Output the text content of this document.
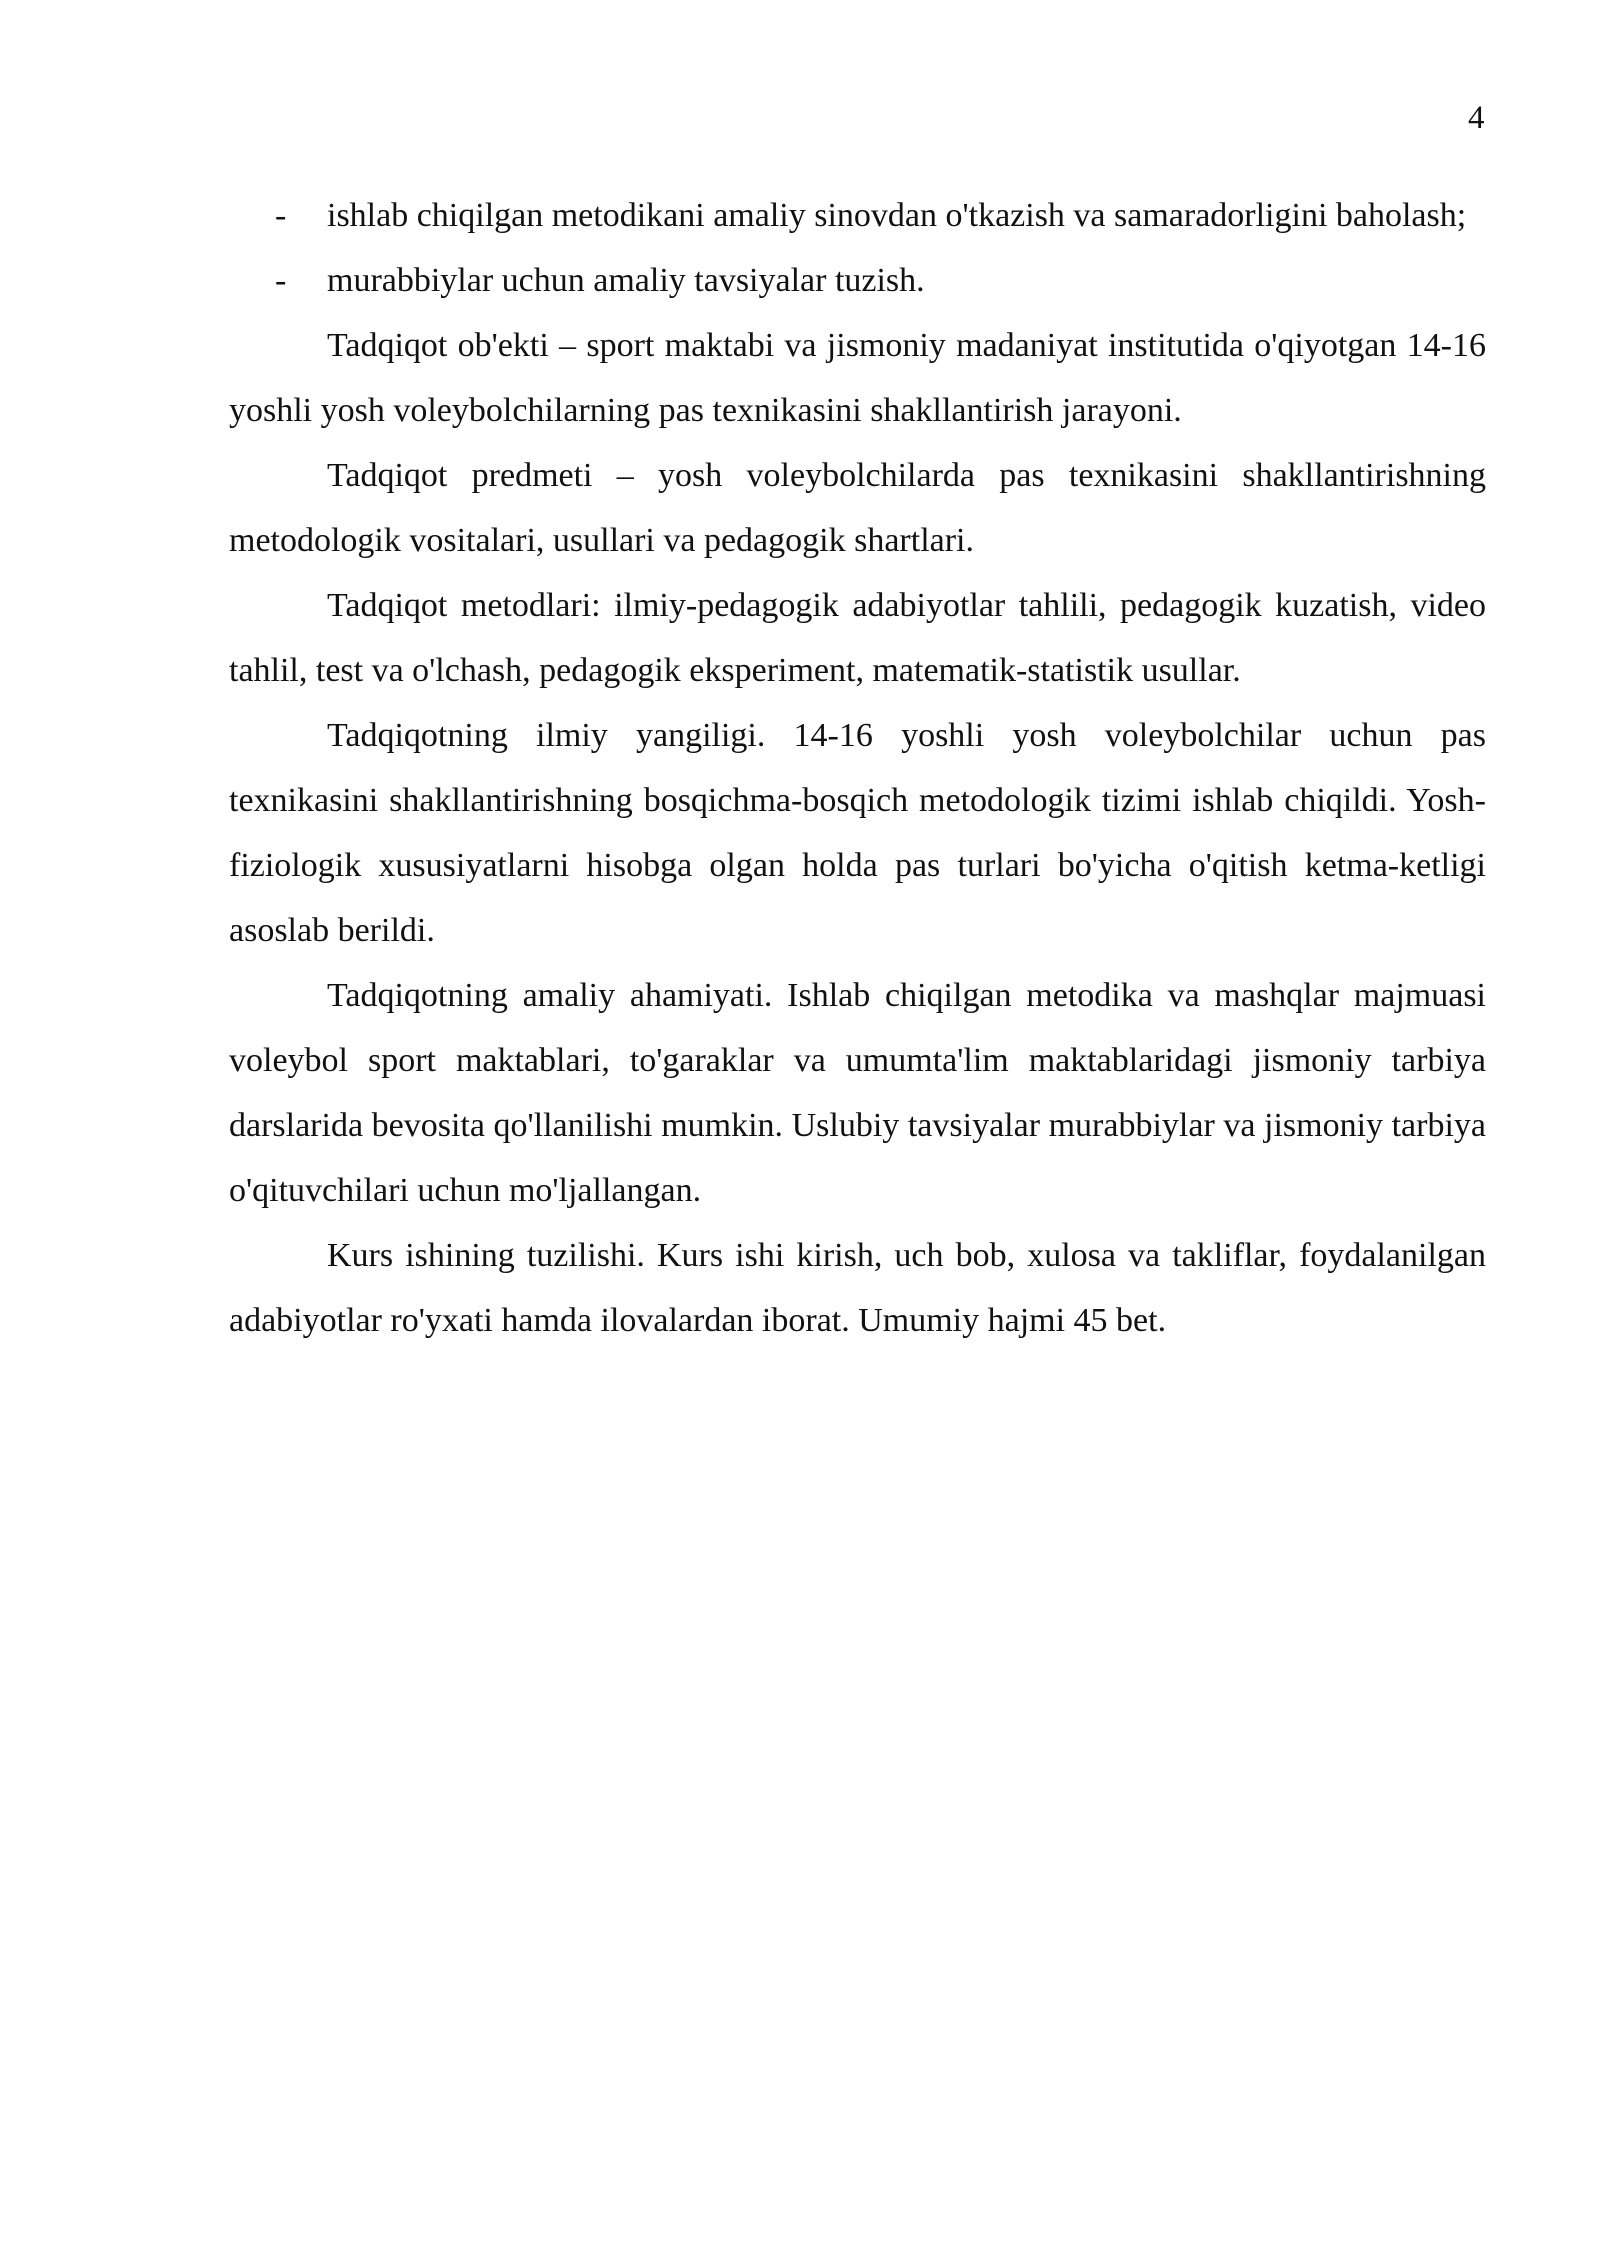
4
- ishlab chiqilgan metodikani amaliy sinovdan o'tkazish va samaradorligini baholash;
- murabbiylar uchun amaliy tavsiyalar tuzish.

Tadqiqot ob'ekti – sport maktabi va jismoniy madaniyat institutida o'qiyotgan 14-16 yoshli yosh voleybolchilarning pas texnikasini shakllantirish jarayoni.

Tadqiqot predmeti – yosh voleybolchilarda pas texnikasini shakllantirishning metodologik vositalari, usullari va pedagogik shartlari.

Tadqiqot metodlari: ilmiy-pedagogik adabiyotlar tahlili, pedagogik kuzatish, video tahlil, test va o'lchash, pedagogik eksperiment, matematik-statistik usullar.

Tadqiqotning ilmiy yangiligi. 14-16 yoshli yosh voleybolchilar uchun pas texnikasini shakllantirishning bosqichma-bosqich metodologik tizimi ishlab chiqildi. Yosh-fiziologik xususiyatlarni hisobga olgan holda pas turlari bo'yicha o'qitish ketma-ketligi asoslab berildi.

Tadqiqotning amaliy ahamiyati. Ishlab chiqilgan metodika va mashqlar majmuasi voleybol sport maktablari, to'garaklar va umumta'lim maktablaridagi jismoniy tarbiya darslarida bevosita qo'llanilishi mumkin. Uslubiy tavsiyalar murabbiylar va jismoniy tarbiya o'qituvchilari uchun mo'ljallangan.

Kurs ishining tuzilishi. Kurs ishi kirish, uch bob, xulosa va takliflar, foydalanilgan adabiyotlar ro'yxati hamda ilovalardan iborat. Umumiy hajmi 45 bet.
